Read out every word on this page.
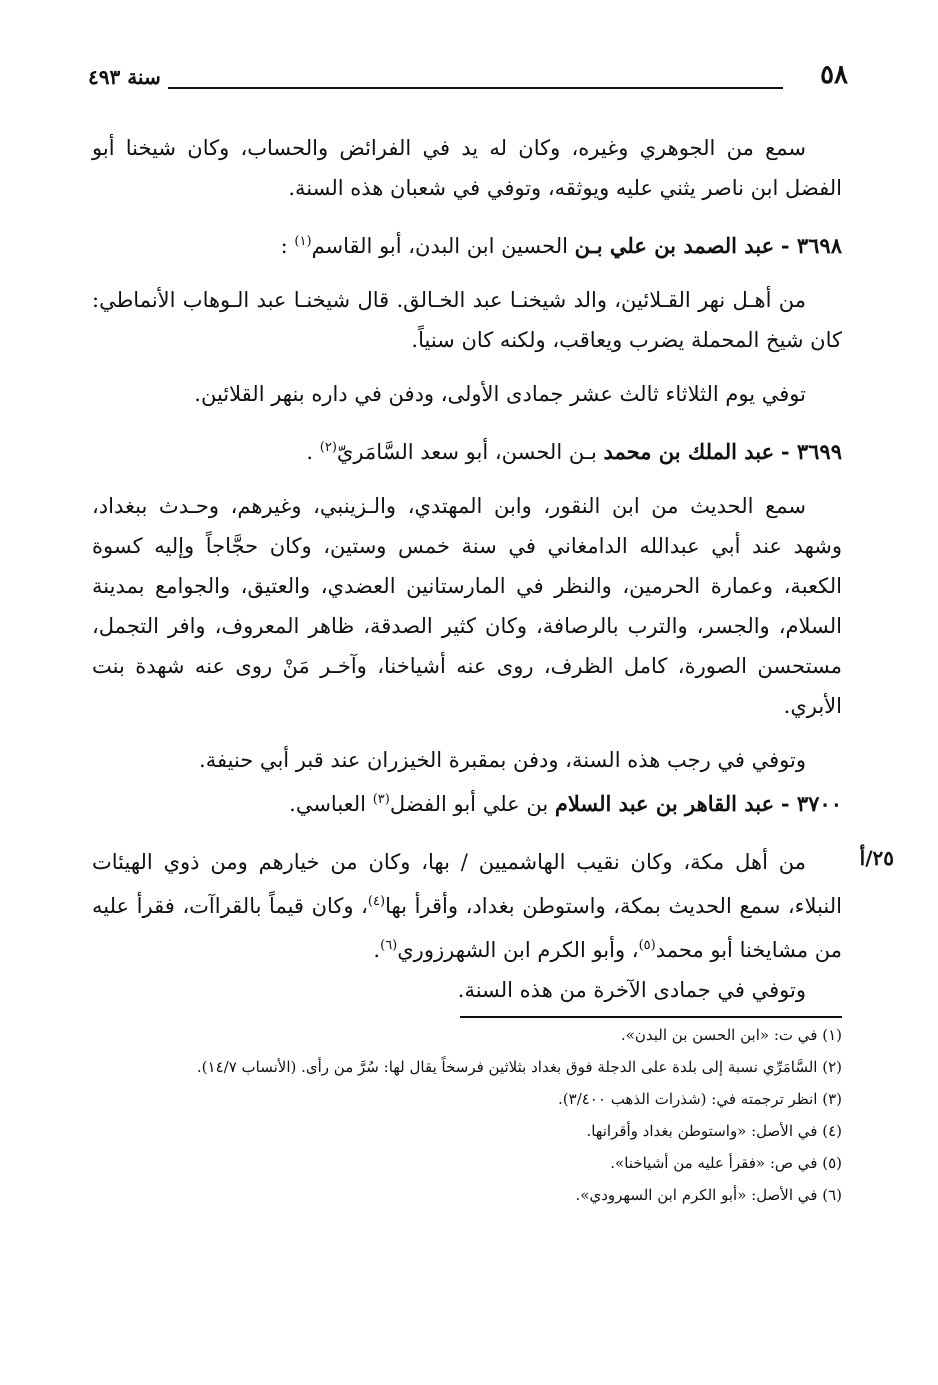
٥٨
سنة ٤٩٣

سمع من الجوهري وغيره، وكان له يد في الفرائض والحساب، وكان شيخنا أبو الفضل ابن ناصر يثني عليه ويوثقه، وتوفي في شعبان هذه السنة.

٣٦٩٨ - عبد الصمد بن علي بـن الحسين ابن البدن، أبو القاسم$^{(١)}$ :

من أهـل نهر القـلائين، والد شيخنـا عبد الخـالق. قال شيخنـا عبد الـوهاب الأنماطي: كان شيخ المحملة يضرب ويعاقب، ولكنه كان سنياً.

توفي يوم الثلاثاء ثالث عشر جمادى الأولى، ودفن في داره بنهر القلائين.

٣٦٩٩ - عبد الملك بن محمد بـن الحسن، أبو سعد السَّامَريّ$^{(٢)}$ .

سمع الحديث من ابن النقور، وابن المهتدي، والـزينبي، وغيرهم، وحـدث ببغداد، وشهد عند أبي عبدالله الدامغاني في سنة خمس وستين، وكان حجَّاجاً وإليه كسوة الكعبة، وعمارة الحرمين، والنظر في المارستانين العضدي، والعتيق، والجوامع بمدينة السلام، والجسر، والترب بالرصافة، وكان كثير الصدقة، ظاهر المعروف، وافر التجمل، مستحسن الصورة، كامل الظرف، روى عنه أشياخنا، وآخـر مَنْ روى عنه شهدة بنت الأبري.

وتوفي في رجب هذه السنة، ودفن بمقبرة الخيزران عند قبر أبي حنيفة.

٣٧٠٠ - عبد القاهر بن عبد السلام بن علي أبو الفضل$^{(٣)}$ العباسي.

من أهل مكة، وكان نقيب الهاشميين / بها، وكان من خيارهم ومن ذوي الهيئات النبلاء، سمع الحديث بمكة، واستوطن بغداد، وأقرأ بها$^{(٤)}$، وكان قيماً بالقراآت، فقرأ عليه من مشايخنا أبو محمد$^{(٥)}$، وأبو الكرم ابن الشهرزوري$^{(٦)}$.

وتوفي في جمادى الآخرة من هذه السنة.

٢٥/أ
(١) في ت: «ابن الحسن بن البدن».
(٢) السَّامَرِّي نسبة إلى بلدة على الدجلة فوق بغداد بثلاثين فرسخاً يقال لها: سُرَّ من رأى. (الأنساب ١٤/٧).
(٣) انظر ترجمته في: (شذرات الذهب ٣/٤٠٠).
(٤) في الأصل: «واستوطن بغداد وأقرانها.
(٥) في ص: «فقرأ عليه من أشياخنا».
(٦) في الأصل: «أبو الكرم ابن السهرودي».
